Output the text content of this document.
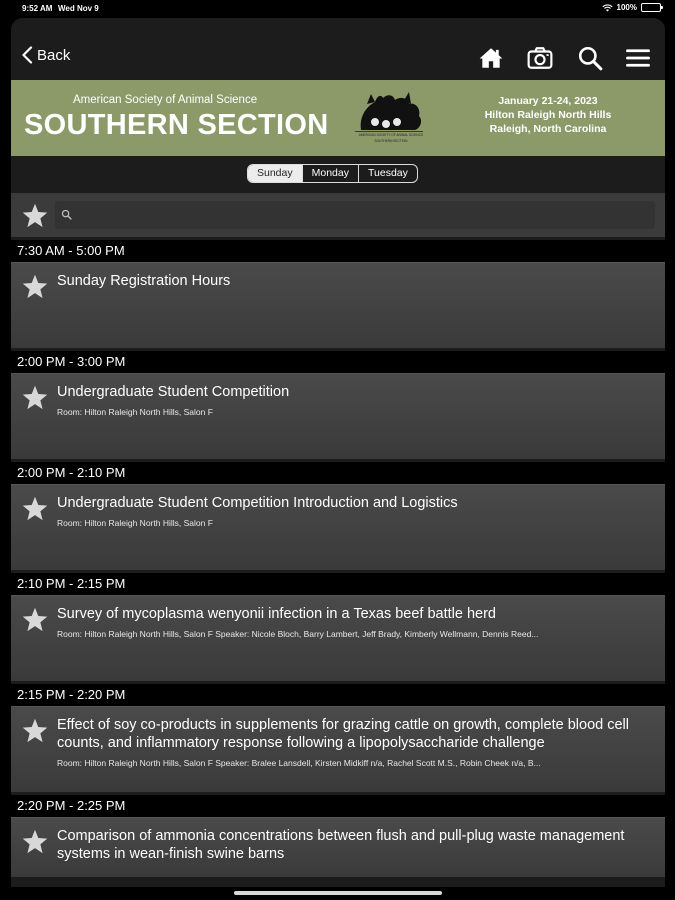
9:52 AM Wed Nov 9	100%
Back
American Society of Animal Science
SOUTHERN SECTION	AMERICAN SOCIETY OF ANIMAL SCIENCE
SOUTHERN SECTION
January 21-24, 2023
Hilton Raleigh North Hills
Raleigh, North Carolina
Sunday	Monday	Tuesday
7:30 AM - 5:00 PM
Sunday Registration Hours
2:00 PM - 3:00 PM
Undergraduate Student Competition
Room: Hilton Raleigh North Hills, Salon F
2:00 PM - 2:10 PM
Undergraduate Student Competition Introduction and Logistics
Room: Hilton Raleigh North Hills, Salon F
2:10 PM - 2:15 PM
Survey of mycoplasma wenyonii infection in a Texas beef battle herd
Room: Hilton Raleigh North Hills, Salon F Speaker: Nicole Bloch, Barry Lambert, Jeff Brady, Kimberly Wellmann, Dennis Reed...
2:15 PM - 2:20 PM
Effect of soy co-products in supplements for grazing cattle on growth, complete blood cell counts, and inflammatory response following a lipopolysaccharide challenge
Room: Hilton Raleigh North Hills, Salon F Speaker: Bralee Lansdell, Kirsten Midkiff n/a, Rachel Scott M.S., Robin Cheek n/a, B...
2:20 PM - 2:25 PM
Comparison of ammonia concentrations between flush and pull-plug waste management systems in wean-finish swine barns
